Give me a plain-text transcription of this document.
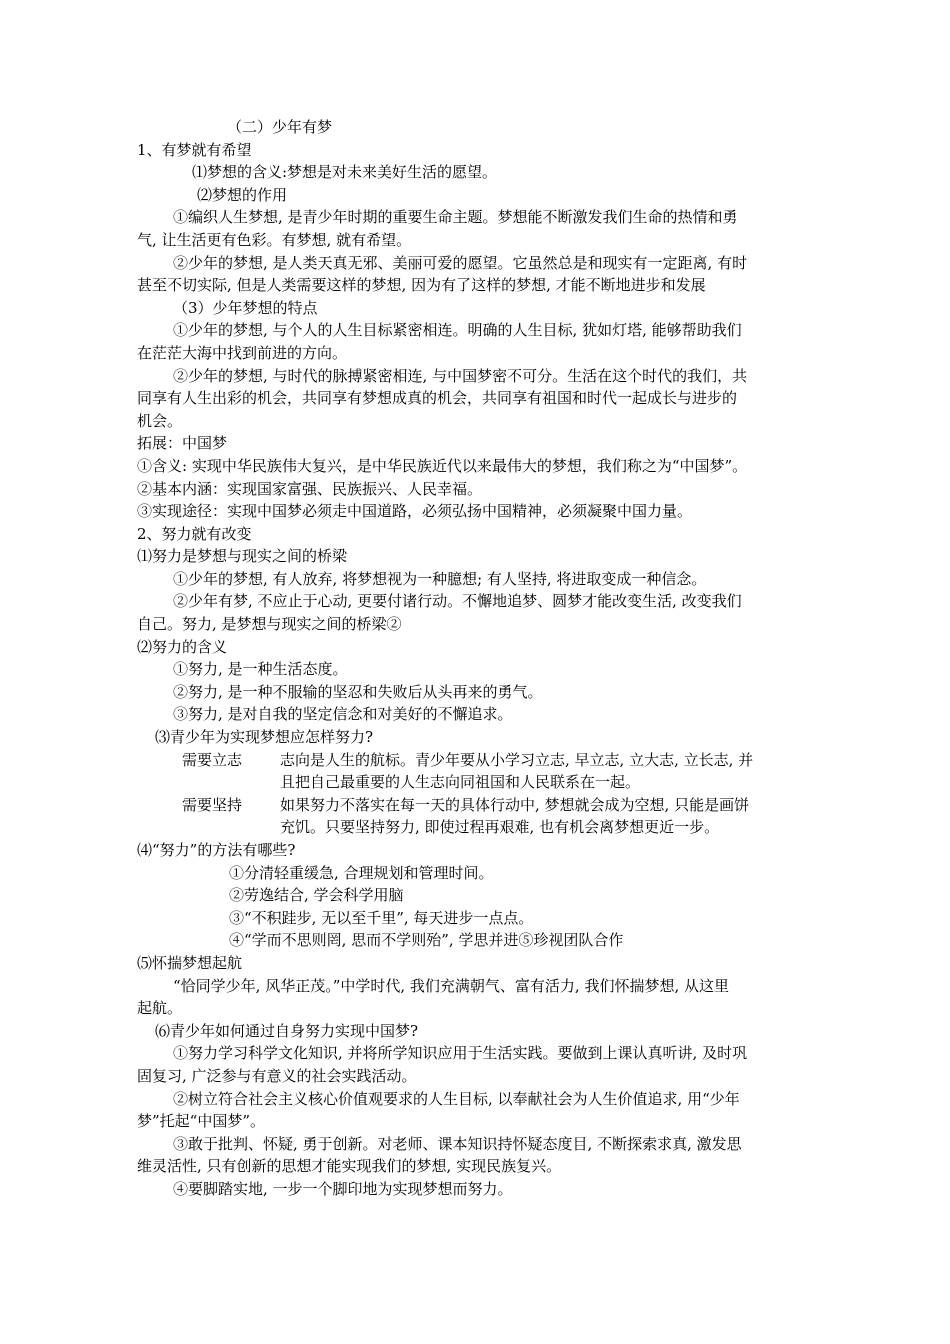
（二）少年有梦
1、有梦就有希望
⑴梦想的含义:梦想是对未来美好生活的愿望。
⑵梦想的作用
①编织人生梦想, 是青少年时期的重要生命主题。梦想能不断激发我们生命的热情和勇
气, 让生活更有色彩。有梦想, 就有希望。
②少年的梦想, 是人类天真无邪、美丽可爱的愿望。它虽然总是和现实有一定距离, 有时
甚至不切实际, 但是人类需要这样的梦想, 因为有了这样的梦想, 才能不断地进步和发展
（3）少年梦想的特点
①少年的梦想, 与个人的人生目标紧密相连。明确的人生目标, 犹如灯塔, 能够帮助我们
在茫茫大海中找到前进的方向。
②少年的梦想, 与时代的脉搏紧密相连, 与中国梦密不可分。生活在这个时代的我们，共
同享有人生出彩的机会，共同享有梦想成真的机会，共同享有祖国和时代一起成长与进步的
机会。
拓展：中国梦
①含义: 实现中华民族伟大复兴，是中华民族近代以来最伟大的梦想，我们称之为“中国梦”。
②基本内涵：实现国家富强、民族振兴、人民幸福。
③实现途径：实现中国梦必须走中国道路，必须弘扬中国精神，必须凝聚中国力量。
2、努力就有改变
⑴努力是梦想与现实之间的桥梁
①少年的梦想, 有人放弃, 将梦想视为一种臆想; 有人坚持, 将进取变成一种信念。
②少年有梦, 不应止于心动, 更要付诸行动。不懈地追梦、圆梦才能改变生活, 改变我们
自己。努力, 是梦想与现实之间的桥梁②
⑵努力的含义
①努力, 是一种生活态度。
②努力, 是一种不服输的坚忍和失败后从头再来的勇气。
③努力, 是对自我的坚定信念和对美好的不懈追求。
⑶青少年为实现梦想应怎样努力?
需要立志	志向是人生的航标。青少年要从小学习立志, 早立志, 立大志, 立长志, 并
且把自己最重要的人生志向同祖国和人民联系在一起。
需要坚持	如果努力不落实在每一天的具体行动中, 梦想就会成为空想, 只能是画饼
充饥。只要坚持努力, 即使过程再艰难, 也有机会离梦想更近一步。
⑷“努力”的方法有哪些?
①分清轻重缓急, 合理规划和管理时间。
②劳逸结合, 学会科学用脑
③“不积跬步, 无以至千里”, 每天进步一点点。
④“学而不思则罔, 思而不学则殆”, 学思并进⑤珍视团队合作
⑸怀揣梦想起航
“恰同学少年, 风华正茂。”中学时代, 我们充满朝气、富有活力, 我们怀揣梦想, 从这里
起航。
⑹青少年如何通过自身努力实现中国梦?
①努力学习科学文化知识, 并将所学知识应用于生活实践。要做到上课认真听讲, 及时巩
固复习, 广泛参与有意义的社会实践活动。
②树立符合社会主义核心价值观要求的人生目标, 以奉献社会为人生价值追求, 用“少年
梦”托起“中国梦”。
③敢于批判、怀疑, 勇于创新。对老师、课本知识持怀疑态度目, 不断探索求真, 激发思
维灵活性, 只有创新的思想才能实现我们的梦想, 实现民族复兴。
④要脚踏实地, 一步一个脚印地为实现梦想而努力。
